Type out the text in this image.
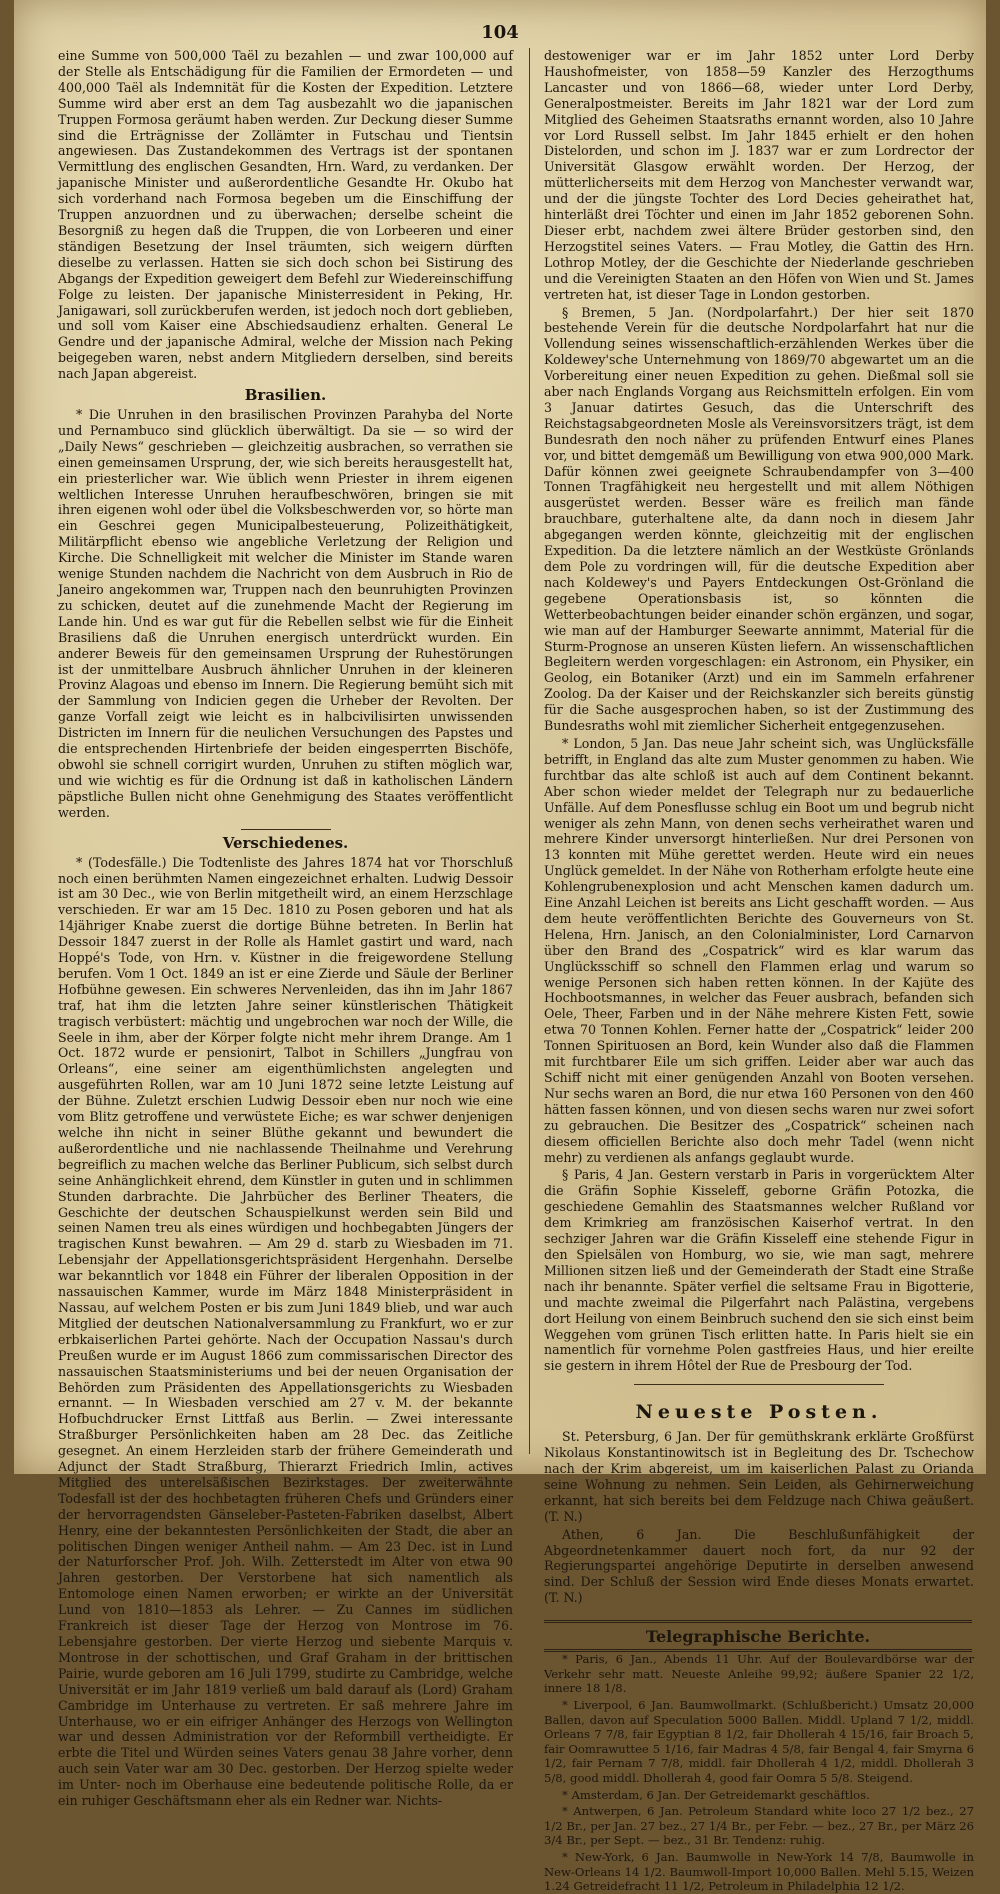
104

eine Summe von 500,000 Taël zu bezahlen — und zwar 100,000 auf der Stelle als Entschädigung für die Familien der Ermordeten — und 400,000 Taël als Indemnität für die Kosten der Expedition. Letztere Summe wird aber erst an dem Tag ausbezahlt wo die japanischen Truppen Formosa geräumt haben werden. Zur Deckung dieser Summe sind die Erträgnisse der Zollämter in Futschau und Tientsin angewiesen. Das Zustandekommen des Vertrags ist der spontanen Vermittlung des englischen Gesandten, Hrn. Ward, zu verdanken. Der japanische Minister und außerordentliche Gesandte Hr. Okubo hat sich vorderhand nach Formosa begeben um die Einschiffung der Truppen anzuordnen und zu überwachen; derselbe scheint die Besorgniß zu hegen daß die Truppen, die von Lorbeeren und einer ständigen Besetzung der Insel träumten, sich weigern dürften dieselbe zu verlassen. Hatten sie sich doch schon bei Sistirung des Abgangs der Expedition geweigert dem Befehl zur Wiedereinschiffung Folge zu leisten. Der japanische Ministerresident in Peking, Hr. Janigawari, soll zurückberufen werden, ist jedoch noch dort geblieben, und soll vom Kaiser eine Abschiedsaudienz erhalten. General Le Gendre und der japanische Admiral, welche der Mission nach Peking beigegeben waren, nebst andern Mitgliedern derselben, sind bereits nach Japan abgereist.

Brasilien.

* Die Unruhen in den brasilischen Provinzen Parahyba del Norte und Pernambuco sind glücklich überwältigt. Da sie — so wird der „Daily News“ geschrieben — gleichzeitig ausbrachen, so verrathen sie einen gemeinsamen Ursprung, der, wie sich bereits herausgestellt hat, ein priesterlicher war. Wie üblich wenn Priester in ihrem eigenen weltlichen Interesse Unruhen heraufbeschwören, bringen sie mit ihren eigenen wohl oder übel die Volksbeschwerden vor, so hörte man ein Geschrei gegen Municipalbesteuerung, Polizeithätigkeit, Militärpflicht ebenso wie angebliche Verletzung der Religion und Kirche. Die Schnelligkeit mit welcher die Minister im Stande waren wenige Stunden nachdem die Nachricht von dem Ausbruch in Rio de Janeiro angekommen war, Truppen nach den beunruhigten Provinzen zu schicken, deutet auf die zunehmende Macht der Regierung im Lande hin. Und es war gut für die Rebellen selbst wie für die Einheit Brasiliens daß die Unruhen energisch unterdrückt wurden. Ein anderer Beweis für den gemeinsamen Ursprung der Ruhestörungen ist der unmittelbare Ausbruch ähnlicher Unruhen in der kleineren Provinz Alagoas und ebenso im Innern. Die Regierung bemüht sich mit der Sammlung von Indicien gegen die Urheber der Revolten. Der ganze Vorfall zeigt wie leicht es in halbcivilisirten unwissenden Districten im Innern für die neulichen Versuchungen des Papstes und die entsprechenden Hirtenbriefe der beiden eingesperrten Bischöfe, obwohl sie schnell corrigirt wurden, Unruhen zu stiften möglich war, und wie wichtig es für die Ordnung ist daß in katholischen Ländern päpstliche Bullen nicht ohne Genehmigung des Staates veröffentlicht werden.

Verschiedenes.

* (Todesfälle.) Die Todtenliste des Jahres 1874 hat vor Thorschluß noch einen berühmten Namen eingezeichnet erhalten. Ludwig Dessoir ist am 30 Dec., wie von Berlin mitgetheilt wird, an einem Herzschlage verschieden. Er war am 15 Dec. 1810 zu Posen geboren und hat als 14jähriger Knabe zuerst die dortige Bühne betreten. In Berlin hat Dessoir 1847 zuerst in der Rolle als Hamlet gastirt und ward, nach Hoppé's Tode, von Hrn. v. Küstner in die freigewordene Stellung berufen. Vom 1 Oct. 1849 an ist er eine Zierde und Säule der Berliner Hofbühne gewesen. Ein schweres Nervenleiden, das ihn im Jahr 1867 traf, hat ihm die letzten Jahre seiner künstlerischen Thätigkeit tragisch verbüstert: mächtig und ungebrochen war noch der Wille, die Seele in ihm, aber der Körper folgte nicht mehr ihrem Drange. Am 1 Oct. 1872 wurde er pensionirt, Talbot in Schillers „Jungfrau von Orleans“, eine seiner am eigenthümlichsten angelegten und ausgeführten Rollen, war am 10 Juni 1872 seine letzte Leistung auf der Bühne. Zuletzt erschien Ludwig Dessoir eben nur noch wie eine vom Blitz getroffene und verwüstete Eiche; es war schwer denjenigen welche ihn nicht in seiner Blüthe gekannt und bewundert die außerordentliche und nie nachlassende Theilnahme und Verehrung begreiflich zu machen welche das Berliner Publicum, sich selbst durch seine Anhänglichkeit ehrend, dem Künstler in guten und in schlimmen Stunden darbrachte. Die Jahrbücher des Berliner Theaters, die Geschichte der deutschen Schauspielkunst werden sein Bild und seinen Namen treu als eines würdigen und hochbegabten Jüngers der tragischen Kunst bewahren. — Am 29 d. starb zu Wiesbaden im 71. Lebensjahr der Appellationsgerichtspräsident Hergenhahn. Derselbe war bekanntlich vor 1848 ein Führer der liberalen Opposition in der nassauischen Kammer, wurde im März 1848 Ministerpräsident in Nassau, auf welchem Posten er bis zum Juni 1849 blieb, und war auch Mitglied der deutschen Nationalversammlung zu Frankfurt, wo er zur erbkaiserlichen Partei gehörte. Nach der Occupation Nassau's durch Preußen wurde er im August 1866 zum commissarischen Director des nassauischen Staatsministeriums und bei der neuen Organisation der Behörden zum Präsidenten des Appellationsgerichts zu Wiesbaden ernannt. — In Wiesbaden verschied am 27 v. M. der bekannte Hofbuchdrucker Ernst Littfaß aus Berlin. — Zwei interessante Straßburger Persönlichkeiten haben am 28 Dec. das Zeitliche gesegnet. An einem Herzleiden starb der frühere Gemeinderath und Adjunct der Stadt Straßburg, Thierarzt Friedrich Imlin, actives Mitglied des unterelsäßischen Bezirkstages. Der zweiterwähnte Todesfall ist der des hochbetagten früheren Chefs und Gründers einer der hervorragendsten Gänseleber-Pasteten-Fabriken daselbst, Albert Henry, eine der bekanntesten Persönlichkeiten der Stadt, die aber an politischen Dingen weniger Antheil nahm. — Am 23 Dec. ist in Lund der Naturforscher Prof. Joh. Wilh. Zetterstedt im Alter von etwa 90 Jahren gestorben. Der Verstorbene hat sich namentlich als Entomologe einen Namen erworben; er wirkte an der Universität Lund von 1810—1853 als Lehrer. — Zu Cannes im südlichen Frankreich ist dieser Tage der Herzog von Montrose im 76. Lebensjahre gestorben. Der vierte Herzog und siebente Marquis v. Montrose in der schottischen, und Graf Graham in der brittischen Pairie, wurde geboren am 16 Juli 1799, studirte zu Cambridge, welche Universität er im Jahr 1819 verließ um bald darauf als (Lord) Graham Cambridge im Unterhause zu vertreten. Er saß mehrere Jahre im Unterhause, wo er ein eifriger Anhänger des Herzogs von Wellington war und dessen Administration vor der Reformbill vertheidigte. Er erbte die Titel und Würden seines Vaters genau 38 Jahre vorher, denn auch sein Vater war am 30 Dec. gestorben. Der Herzog spielte weder im Unter- noch im Oberhause eine bedeutende politische Rolle, da er ein ruhiger Geschäftsmann eher als ein Redner war. Nichts-

destoweniger war er im Jahr 1852 unter Lord Derby Haushofmeister, von 1858—59 Kanzler des Herzogthums Lancaster und von 1866—68, wieder unter Lord Derby, Generalpostmeister. Bereits im Jahr 1821 war der Lord zum Mitglied des Geheimen Staatsraths ernannt worden, also 10 Jahre vor Lord Russell selbst. Im Jahr 1845 erhielt er den hohen Distelorden, und schon im J. 1837 war er zum Lordrector der Universität Glasgow erwählt worden. Der Herzog, der mütterlicherseits mit dem Herzog von Manchester verwandt war, und der die jüngste Tochter des Lord Decies geheirathet hat, hinterläßt drei Töchter und einen im Jahr 1852 geborenen Sohn. Dieser erbt, nachdem zwei ältere Brüder gestorben sind, den Herzogstitel seines Vaters. — Frau Motley, die Gattin des Hrn. Lothrop Motley, der die Geschichte der Niederlande geschrieben und die Vereinigten Staaten an den Höfen von Wien und St. James vertreten hat, ist dieser Tage in London gestorben.

§ Bremen, 5 Jan. (Nordpolarfahrt.) Der hier seit 1870 bestehende Verein für die deutsche Nordpolarfahrt hat nur die Vollendung seines wissenschaftlich-erzählenden Werkes über die Koldewey'sche Unternehmung von 1869/70 abgewartet um an die Vorbereitung einer neuen Expedition zu gehen. Dießmal soll sie aber nach Englands Vorgang aus Reichsmitteln erfolgen. Ein vom 3 Januar datirtes Gesuch, das die Unterschrift des Reichstagsabgeordneten Mosle als Vereinsvorsitzers trägt, ist dem Bundesrath den noch näher zu prüfenden Entwurf eines Planes vor, und bittet demgemäß um Bewilligung von etwa 900,000 Mark. Dafür können zwei geeignete Schraubendampfer von 3—400 Tonnen Tragfähigkeit neu hergestellt und mit allem Nöthigen ausgerüstet werden. Besser wäre es freilich man fände brauchbare, guterhaltene alte, da dann noch in diesem Jahr abgegangen werden könnte, gleichzeitig mit der englischen Expedition. Da die letztere nämlich an der Westküste Grönlands dem Pole zu vordringen will, für die deutsche Expedition aber nach Koldewey's und Payers Entdeckungen Ost-Grönland die gegebene Operationsbasis ist, so könnten die Wetterbeobachtungen beider einander schön ergänzen, und sogar, wie man auf der Hamburger Seewarte annimmt, Material für die Sturm-Prognose an unseren Küsten liefern. An wissenschaftlichen Begleitern werden vorgeschlagen: ein Astronom, ein Physiker, ein Geolog, ein Botaniker (Arzt) und ein im Sammeln erfahrener Zoolog. Da der Kaiser und der Reichskanzler sich bereits günstig für die Sache ausgesprochen haben, so ist der Zustimmung des Bundesraths wohl mit ziemlicher Sicherheit entgegenzusehen.

* London, 5 Jan. Das neue Jahr scheint sich, was Unglücksfälle betrifft, in England das alte zum Muster genommen zu haben. Wie furchtbar das alte schloß ist auch auf dem Continent bekannt. Aber schon wieder meldet der Telegraph nur zu bedauerliche Unfälle. Auf dem Ponesflusse schlug ein Boot um und begrub nicht weniger als zehn Mann, von denen sechs verheirathet waren und mehrere Kinder unversorgt hinterließen. Nur drei Personen von 13 konnten mit Mühe gerettet werden. Heute wird ein neues Unglück gemeldet. In der Nähe von Rotherham erfolgte heute eine Kohlengrubenexplosion und acht Menschen kamen dadurch um. Eine Anzahl Leichen ist bereits ans Licht geschafft worden. — Aus dem heute veröffentlichten Berichte des Gouverneurs von St. Helena, Hrn. Janisch, an den Colonialminister, Lord Carnarvon über den Brand des „Cospatrick“ wird es klar warum das Unglücksschiff so schnell den Flammen erlag und warum so wenige Personen sich haben retten können. In der Kajüte des Hochbootsmannes, in welcher das Feuer ausbrach, befanden sich Oele, Theer, Farben und in der Nähe mehrere Kisten Fett, sowie etwa 70 Tonnen Kohlen. Ferner hatte der „Cospatrick“ leider 200 Tonnen Spirituosen an Bord, kein Wunder also daß die Flammen mit furchtbarer Eile um sich griffen. Leider aber war auch das Schiff nicht mit einer genügenden Anzahl von Booten versehen. Nur sechs waren an Bord, die nur etwa 160 Personen von den 460 hätten fassen können, und von diesen sechs waren nur zwei sofort zu gebrauchen. Die Besitzer des „Cospatrick“ scheinen nach diesem officiellen Berichte also doch mehr Tadel (wenn nicht mehr) zu verdienen als anfangs geglaubt wurde.

§ Paris, 4 Jan. Gestern verstarb in Paris in vorgerücktem Alter die Gräfin Sophie Kisseleff, geborne Gräfin Potozka, die geschiedene Gemahlin des Staatsmannes welcher Rußland vor dem Krimkrieg am französischen Kaiserhof vertrat. In den sechziger Jahren war die Gräfin Kisseleff eine stehende Figur in den Spielsälen von Homburg, wo sie, wie man sagt, mehrere Millionen sitzen ließ und der Gemeinderath der Stadt eine Straße nach ihr benannte. Später verfiel die seltsame Frau in Bigotterie, und machte zweimal die Pilgerfahrt nach Palästina, vergebens dort Heilung von einem Beinbruch suchend den sie sich einst beim Weggehen vom grünen Tisch erlitten hatte. In Paris hielt sie ein namentlich für vornehme Polen gastfreies Haus, und hier ereilte sie gestern in ihrem Hôtel der Rue de Presbourg der Tod.

Neueste Posten.

St. Petersburg, 6 Jan. Der für gemüthskrank erklärte Großfürst Nikolaus Konstantinowitsch ist in Begleitung des Dr. Tschechow nach der Krim abgereist, um im kaiserlichen Palast zu Orianda seine Wohnung zu nehmen. Sein Leiden, als Gehirnerweichung erkannt, hat sich bereits bei dem Feldzuge nach Chiwa geäußert. (T. N.)

Athen, 6 Jan. Die Beschlußunfähigkeit der Abgeordnetenkammer dauert noch fort, da nur 92 der Regierungspartei angehörige Deputirte in derselben anwesend sind. Der Schluß der Session wird Ende dieses Monats erwartet. (T. N.)

Telegraphische Berichte.

* Paris, 6 Jan., Abends 11 Uhr. Auf der Boulevardbörse war der Verkehr sehr matt. Neueste Anleihe 99,92; äußere Spanier 22 1/2, innere 18 1/8.

* Liverpool, 6 Jan. Baumwollmarkt. (Schlußbericht.) Umsatz 20,000 Ballen, davon auf Speculation 5000 Ballen. Middl. Upland 7 1/2, middl. Orleans 7 7/8, fair Egyptian 8 1/2, fair Dhollerah 4 15/16, fair Broach 5, fair Oomrawuttee 5 1/16, fair Madras 4 5/8, fair Bengal 4, fair Smyrna 6 1/2, fair Pernam 7 7/8, middl. fair Dhollerah 4 1/2, middl. Dhollerah 3 5/8, good middl. Dhollerah 4, good fair Oomra 5 5/8. Steigend.

* Amsterdam, 6 Jan. Der Getreidemarkt geschäftlos.

* Antwerpen, 6 Jan. Petroleum Standard white loco 27 1/2 bez., 27 1/2 Br., per Jan. 27 bez., 27 1/4 Br., per Febr. — bez., 27 Br., per März 26 3/4 Br., per Sept. — bez., 31 Br. Tendenz: ruhig.

* New-York, 6 Jan. Baumwolle in New-York 14 7/8, Baumwolle in New-Orleans 14 1/2. Baumwoll-Import 10,000 Ballen. Mehl 5.15, Weizen 1.24 Getreidefracht 11 1/2, Petroleum in Philadelphia 12 1/2.
